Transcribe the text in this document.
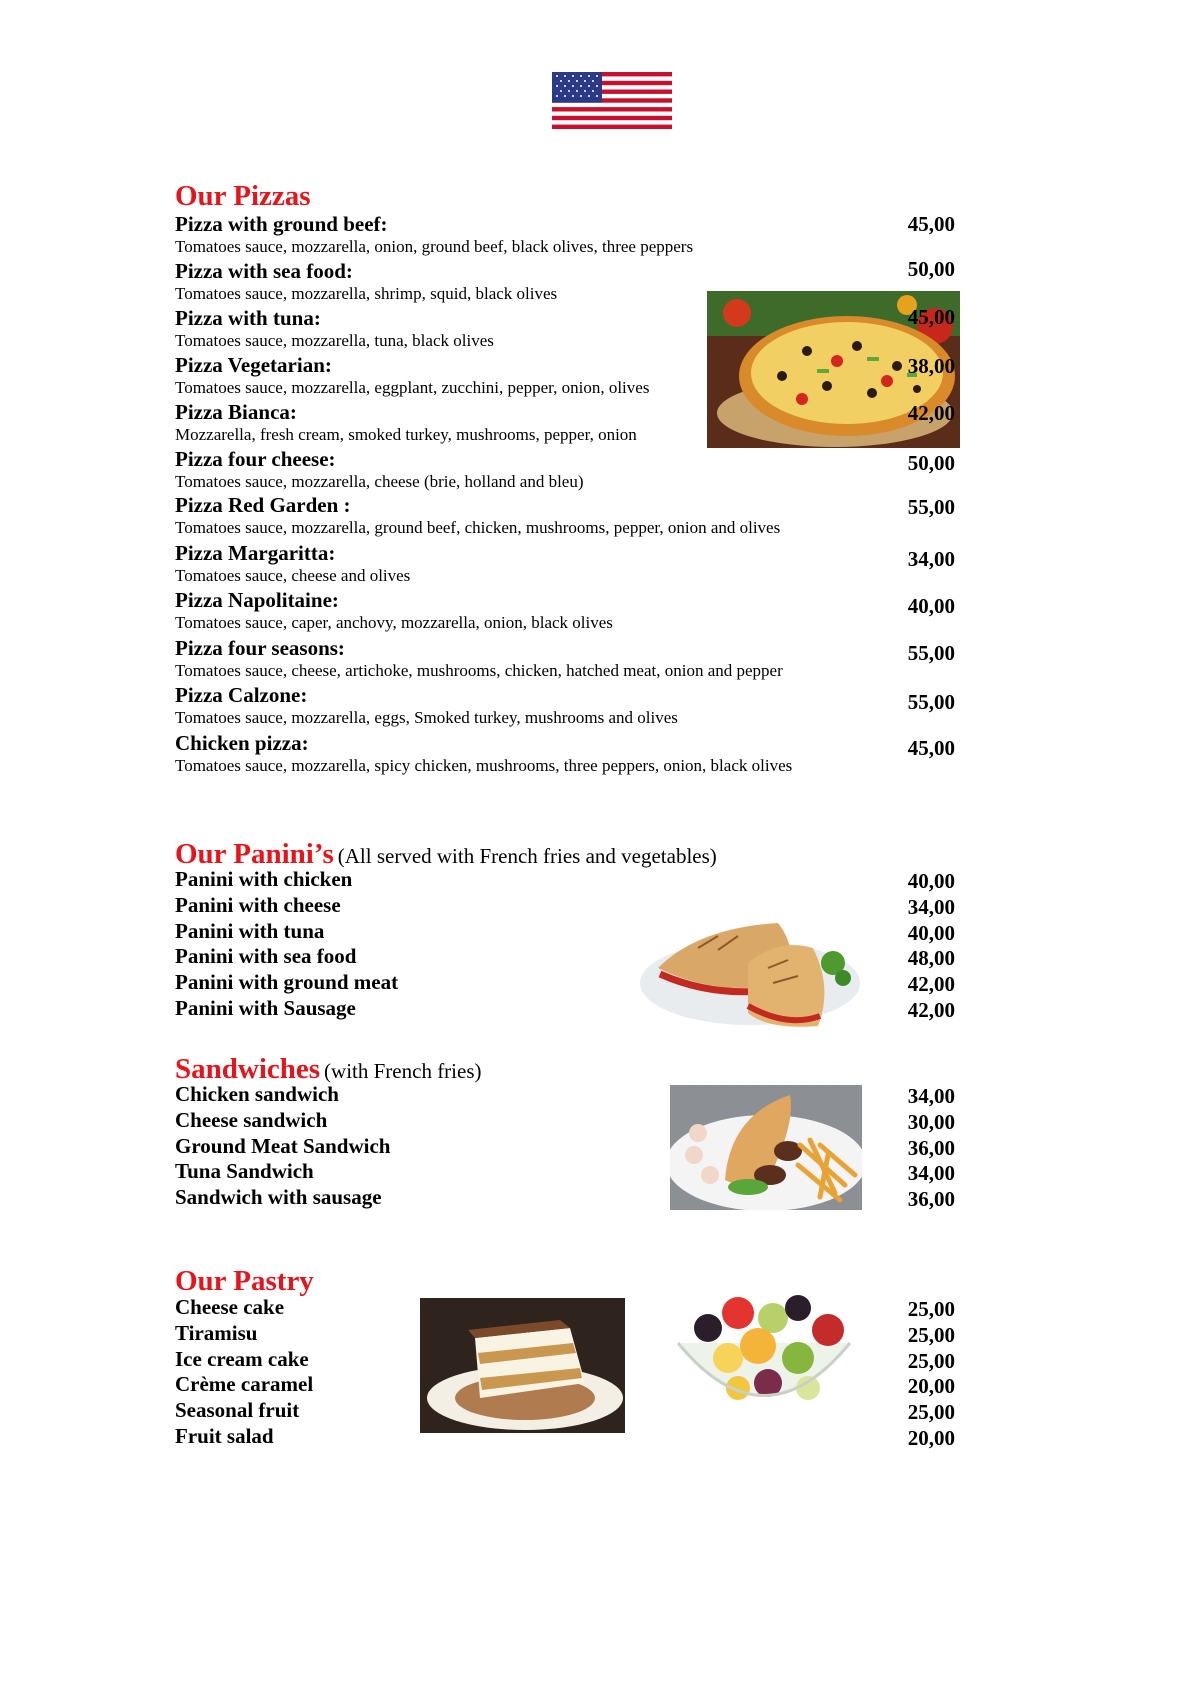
Our Pizzas
Pizza with ground beef:
Tomatoes sauce, mozzarella, onion, ground beef, black olives, three peppers
45,00
Pizza with sea food:
Tomatoes sauce, mozzarella, shrimp, squid, black olives
50,00
Pizza with tuna:
Tomatoes sauce, mozzarella, tuna, black olives
45,00
Pizza Vegetarian:
Tomatoes sauce, mozzarella, eggplant, zucchini, pepper, onion, olives
38,00
Pizza Bianca:
Mozzarella, fresh cream, smoked turkey, mushrooms, pepper, onion
42,00
Pizza four cheese:
Tomatoes sauce, mozzarella, cheese (brie, holland and bleu)
50,00
Pizza Red Garden :
Tomatoes sauce, mozzarella, ground beef, chicken, mushrooms, pepper, onion and olives
55,00
Pizza Margaritta:
Tomatoes sauce, cheese and olives
34,00
Pizza Napolitaine:
Tomatoes sauce, caper, anchovy, mozzarella, onion, black olives
40,00
Pizza four seasons:
Tomatoes sauce, cheese, artichoke, mushrooms, chicken, hatched meat, onion and pepper
55,00
Pizza Calzone:
Tomatoes sauce, mozzarella, eggs, Smoked turkey, mushrooms and olives
55,00
Chicken pizza:
Tomatoes sauce, mozzarella, spicy chicken, mushrooms, three peppers, onion, black olives
45,00
Our Panini’s (All served with French fries and vegetables)
Panini with chicken	40,00
Panini with cheese	34,00
Panini with tuna	40,00
Panini with sea food	48,00
Panini with ground meat	42,00
Panini with Sausage	42,00
Sandwiches (with French fries)
Chicken sandwich	34,00
Cheese sandwich	30,00
Ground Meat Sandwich	36,00
Tuna Sandwich	34,00
Sandwich with sausage	36,00
Our Pastry
Cheese cake	25,00
Tiramisu	25,00
Ice cream cake	25,00
Crème caramel	20,00
Seasonal fruit	25,00
Fruit salad	20,00
